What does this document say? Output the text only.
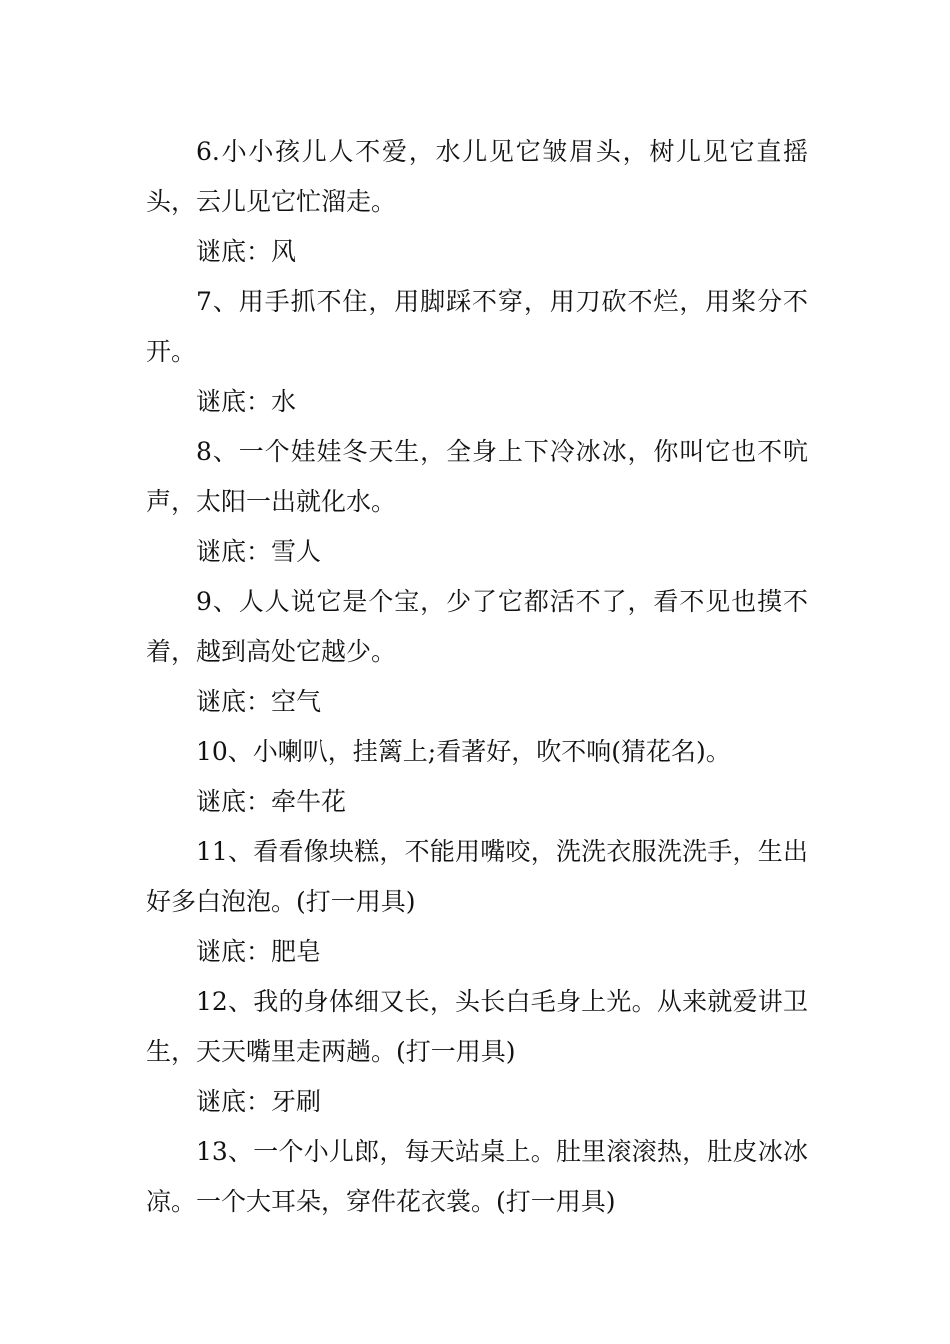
6.小小孩儿人不爱，水儿见它皱眉头，树儿见它直摇头，云儿见它忙溜走。

谜底：风

7、用手抓不住，用脚踩不穿，用刀砍不烂，用桨分不开。

谜底：水

8、一个娃娃冬天生，全身上下冷冰冰，你叫它也不吭声，太阳一出就化水。

谜底：雪人

9、人人说它是个宝，少了它都活不了，看不见也摸不着，越到高处它越少。

谜底：空气

10、小喇叭，挂篱上;看著好，吹不响(猜花名)。

谜底：牵牛花

11、看看像块糕，不能用嘴咬，洗洗衣服洗洗手，生出好多白泡泡。(打一用具)

谜底：肥皂

12、我的身体细又长，头长白毛身上光。从来就爱讲卫生，天天嘴里走两趟。(打一用具)

谜底：牙刷

13、一个小儿郎，每天站桌上。肚里滚滚热，肚皮冰冰凉。一个大耳朵，穿件花衣裳。(打一用具)
